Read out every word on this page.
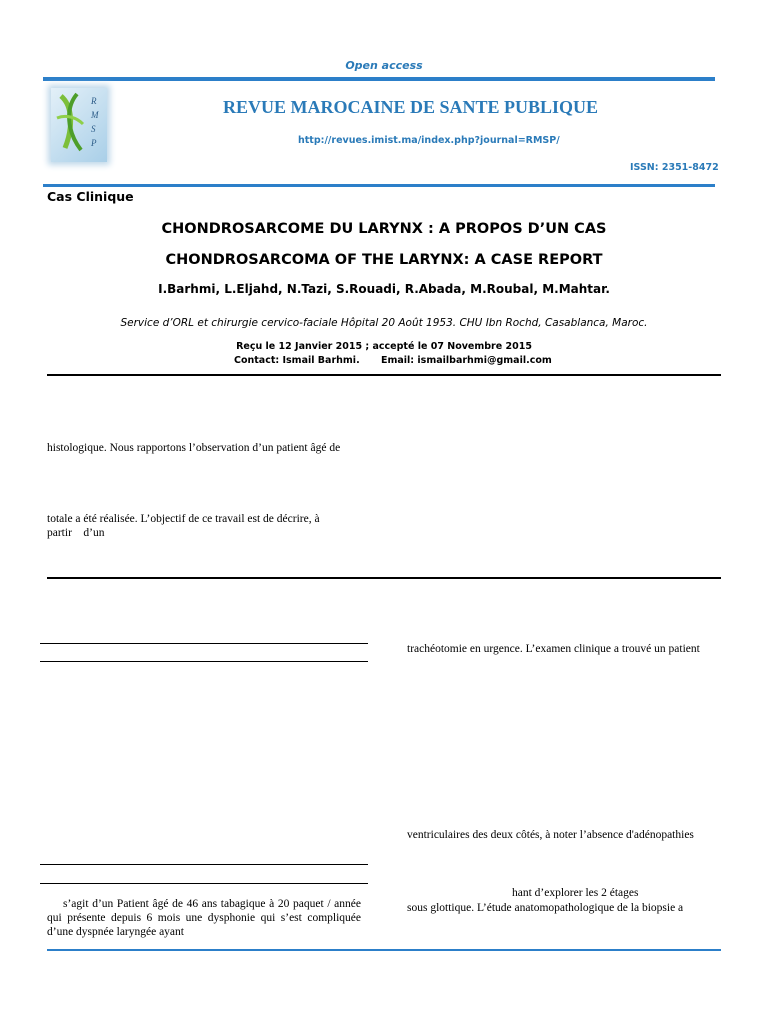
Open access
R
M
S
P
REVUE MAROCAINE DE SANTE PUBLIQUE
http://revues.imist.ma/index.php?journal=RMSP/
ISSN: 2351-8472
Cas Clinique
CHONDROSARCOME DU LARYNX : A PROPOS D’UN CAS
CHONDROSARCOMA OF THE LARYNX: A CASE REPORT
I.Barhmi, L.Eljahd, N.Tazi, S.Rouadi, R.Abada, M.Roubal, M.Mahtar.
Service d’ORL et chirurgie cervico-faciale Hôpital 20 Août 1953. CHU Ibn Rochd, Casablanca, Maroc.
Reçu le 12 Janvier 2015 ; accepté le 07 Novembre 2015
Contact: Ismail Barhmi. Email: ismailbarhmi@gmail.com
histologique. Nous rapportons l’observation d’un patient âgé de
totale a été réalisée. L’objectif de ce travail est de décrire, à
partir    d’un
s’agit d’un Patient âgé de 46 ans tabagique à 20 paquet / année qui présente depuis 6 mois une dysphonie qui s’est compliquée d’une dyspnée laryngée ayant
trachéotomie en urgence. L’examen clinique a trouvé un patient
ventriculaires des deux côtés, à noter l’absence d'adénopathies
hant d’explorer les 2 étages
sous glottique. L’étude anatomopathologique de la biopsie a
